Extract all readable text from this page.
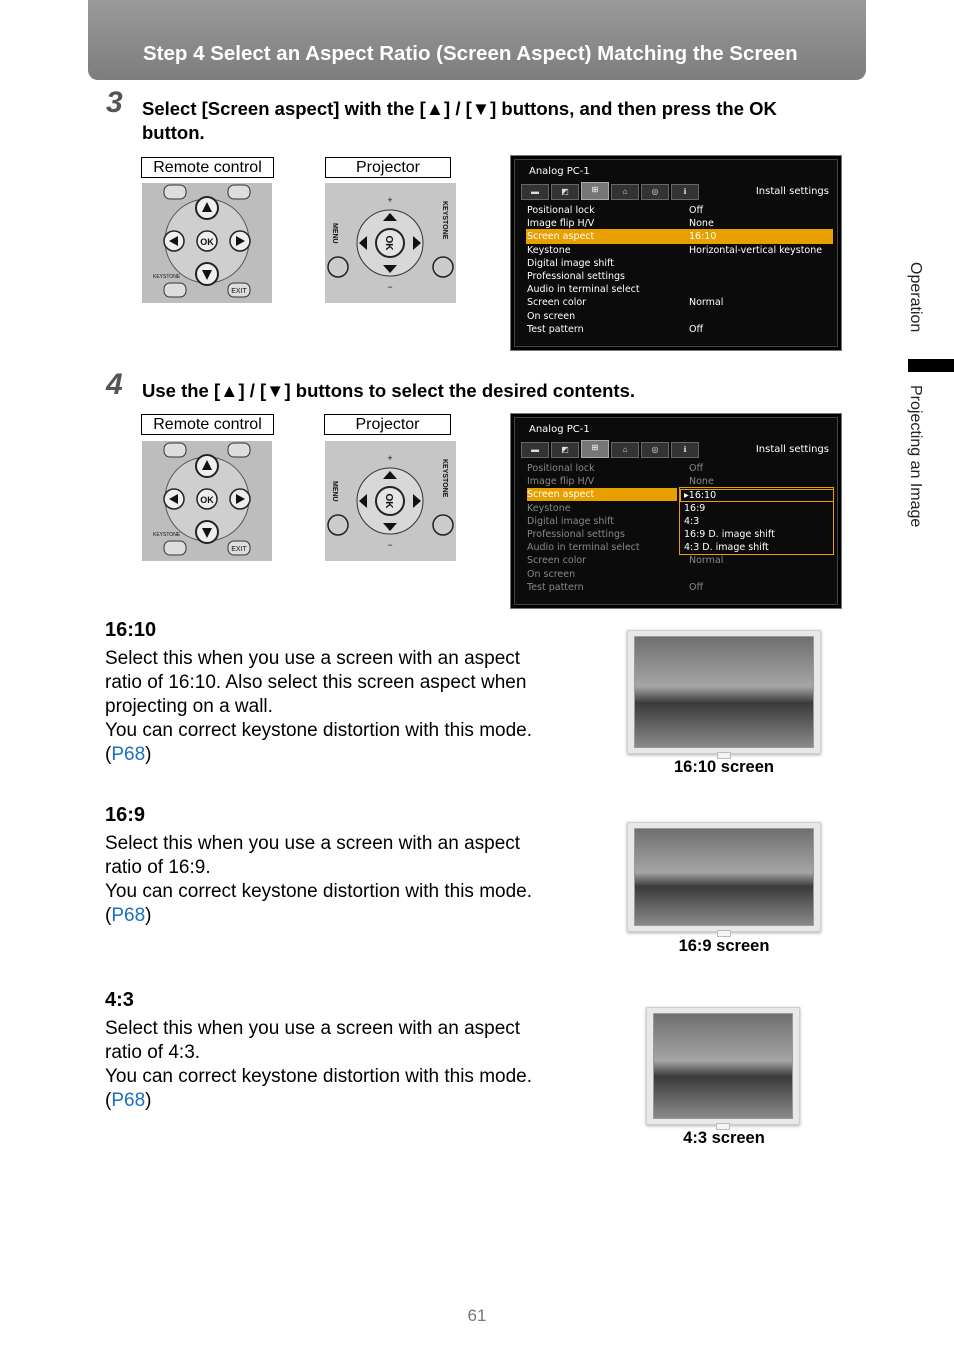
Step 4 Select an Aspect Ratio (Screen Aspect) Matching the Screen
Operation
Projecting an Image
3 Select [Screen aspect] with the [▲] / [▼] buttons, and then press the OK
button.
Remote control	Projector
OK
EXIT
KEYSTONE
OK
MENU	KEYSTONE
+
−
Analog PC-1
▬	◩	⊞	⌂	◎	ℹ	Install settings
Positional lock	Off
Image flip H/V	None
Screen aspect	16:10
Keystone	Horizontal-vertical keystone
Digital image shift
Professional settings
Audio in terminal select
Screen color	Normal
On screen
Test pattern	Off
4 Use the [▲] / [▼] buttons to select the desired contents.
Remote control	Projector
OK
EXIT
KEYSTONE
OK
MENU	KEYSTONE
+
−
Analog PC-1
▬	◩	⊞	⌂	◎	ℹ	Install settings
Positional lock	Off
Image flip H/V	None
Screen aspect
Keystone
Digital image shift
Professional settings
Audio in terminal select
Screen color	Normal
On screen
Test pattern	Off
▸16:10
16:9
4:3
16:9 D. image shift
4:3 D. image shift
16:10
Select this when you use a screen with an aspect
ratio of 16:10. Also select this screen aspect when
projecting on a wall.
You can correct keystone distortion with this mode.
(P68)
16:10 screen
16:9
Select this when you use a screen with an aspect
ratio of 16:9.
You can correct keystone distortion with this mode.
(P68)
16:9 screen
4:3
Select this when you use a screen with an aspect
ratio of 4:3.
You can correct keystone distortion with this mode.
(P68)
4:3 screen
61
